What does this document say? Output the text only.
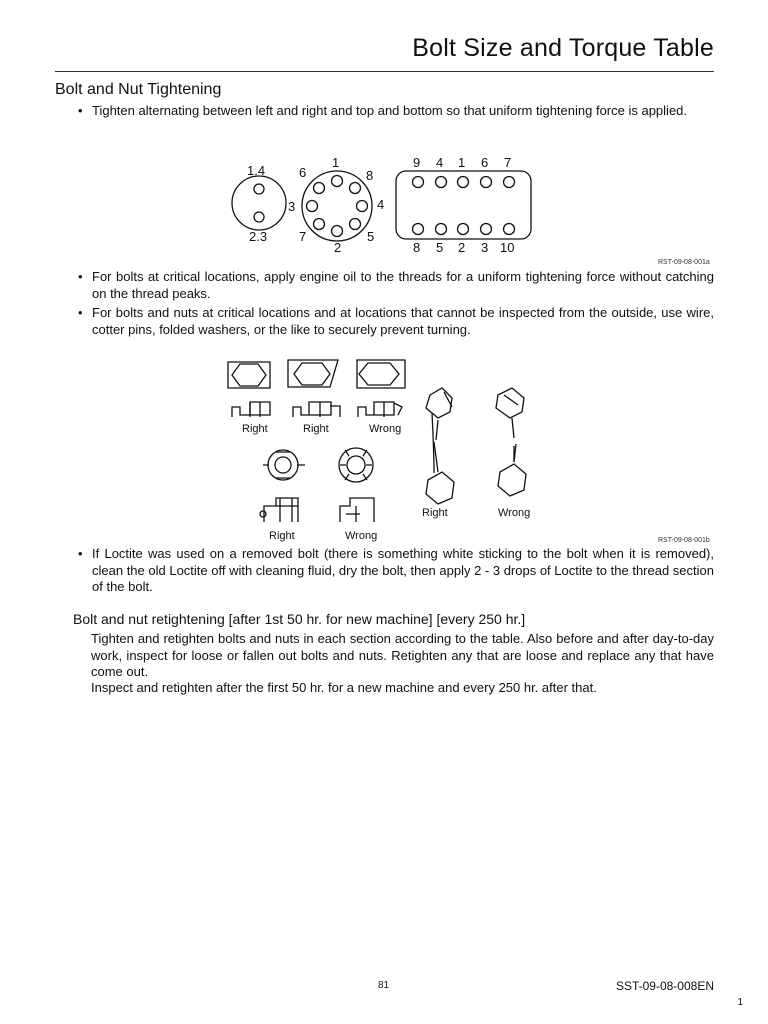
Bolt Size and Torque Table
Bolt and Nut Tightening
• Tighten alternating between left and right and top and bottom so that uniform tightening force is applied.
1.4
2.3
1
2
3	4
5
6
7
8
9 4 1 6 7
8 5 2 3 10
RST-09-08-001a
• For bolts at critical locations, apply engine oil to the threads for a uniform tightening force without catching on the thread peaks.
• For bolts and nuts at critical locations and at locations that cannot be inspected from the outside, use wire, cotter pins, folded washers, or the like to securely prevent turning.
Right	Right	Wrong
Right	Wrong
Right	Wrong
RST-09-08-001b
• If Loctite was used on a removed bolt (there is something white sticking to the bolt when it is removed), clean the old Loctite off with cleaning fluid, dry the bolt, then apply 2 - 3 drops of Loctite to the thread section of the bolt.
Bolt and nut retightening [after 1st 50 hr. for new machine] [every 250 hr.]
Tighten and retighten bolts and nuts in each section according to the table. Also before and after day-to-day work, inspect for loose or fallen out bolts and nuts. Retighten any that are loose and replace any that have come out.
Inspect and retighten after the first 50 hr. for a new machine and every 250 hr. after that.
81	SST-09-08-008EN
1
